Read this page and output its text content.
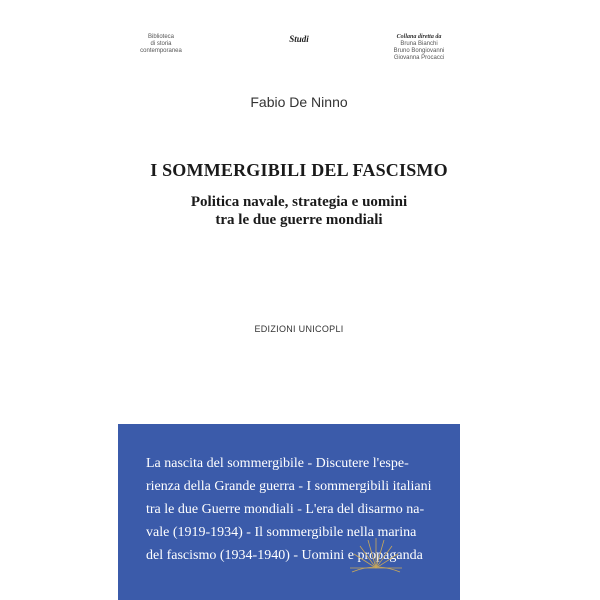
Biblioteca
di storia
contemporanea
Studi	Collana diretta da
Bruna Bianchi
Bruno Bongiovanni
Giovanna Procacci
Fabio De Ninno
I SOMMERGIBILI DEL FASCISMO
Politica navale, strategia e uomini
tra le due guerre mondiali
EDIZIONI UNICOPLI
La nascita del sommergibile - Discutere l'espe-
rienza della Grande guerra - I sommergibili italiani
tra le due Guerre mondiali - L'era del disarmo na-
vale (1919-1934) - Il sommergibile nella marina
del fascismo (1934-1940) - Uomini e propaganda
